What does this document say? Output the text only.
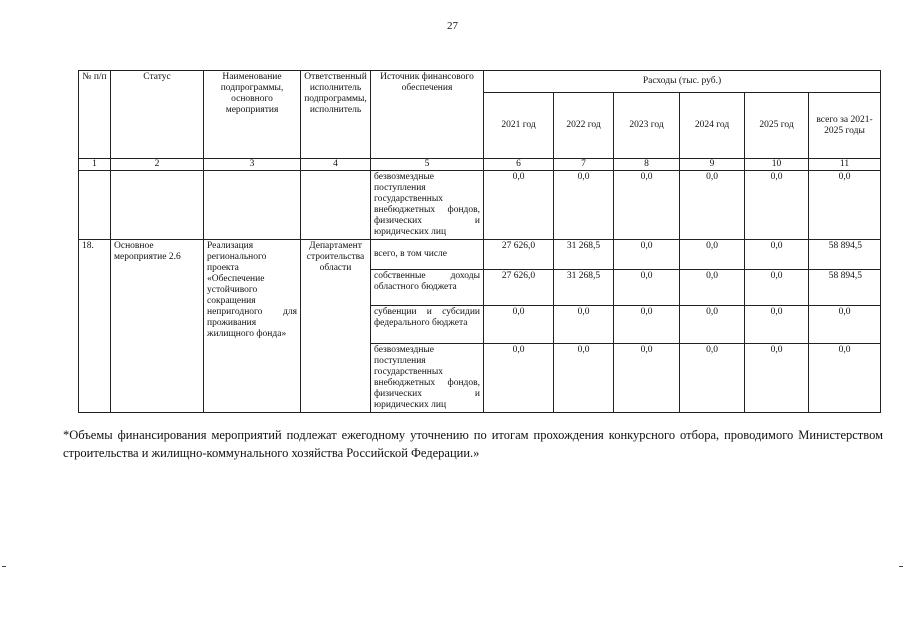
27
№ п/п	Статус	Наименование подпрограммы, основного мероприятия	Ответственный исполнитель подпрограммы, исполнитель	Источник финансового обеспечения	Расходы (тыс. руб.)					
					2021 год	2022 год	2023 год	2024 год	2025 год	всего за 2021-2025 годы
1	2	3	4	5	6	7	8	9	10	11
				безвозмездные поступления государственных внебюджетных фондов, физических и юридических лиц	0,0	0,0	0,0	0,0	0,0	0,0
18.	Основное мероприятие 2.6	Реализация регионального проекта «Обеспечение устойчивого сокращения непригодного для проживания жилищного фонда»	Департамент строительства области	всего, в том числе	27 626,0	31 268,5	0,0	0,0	0,0	58 894,5
				собственные доходы областного бюджета	27 626,0	31 268,5	0,0	0,0	0,0	58 894,5
				субвенции и субсидии федерального бюджета	0,0	0,0	0,0	0,0	0,0	0,0
				безвозмездные поступления государственных внебюджетных фондов, физических и юридических лиц	0,0	0,0	0,0	0,0	0,0	0,0
*Объемы финансирования мероприятий подлежат ежегодному уточнению по итогам прохождения конкурсного отбора, проводимого Министерством строительства и жилищно-коммунального хозяйства Российской Федерации.»
